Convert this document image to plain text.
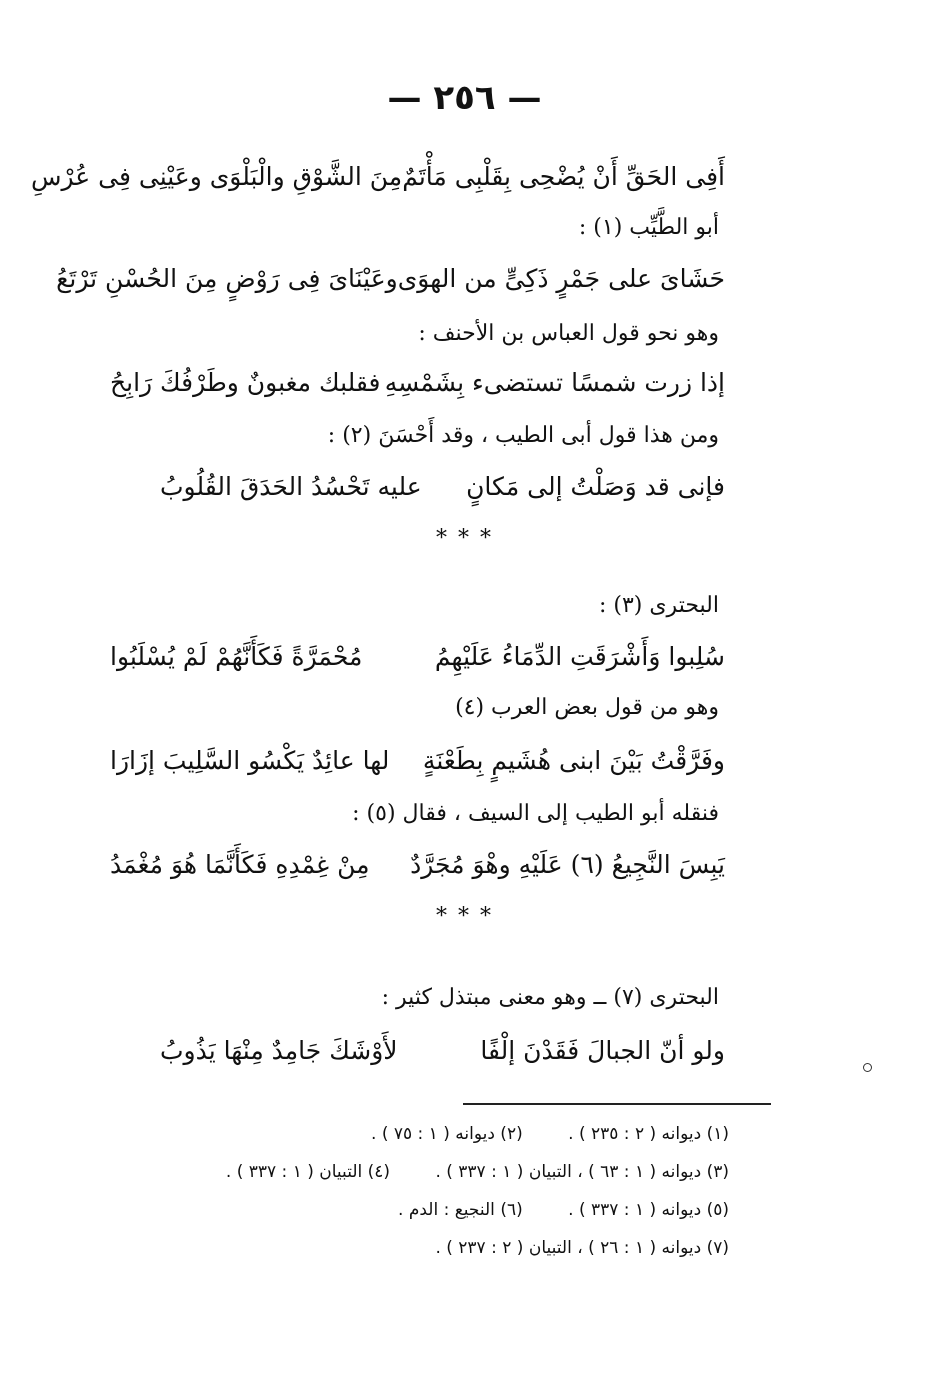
— ٢٥٦ —
أَفِى الحَقِّ أَنْ يُضْحِى بِقَلْبِى مَأْتَمٌ
مِنَ الشَّوْقِ والْبَلْوَى وعَيْنِى فِى عُرْسِ
أبو الطَّيِّب (١) :
حَشَاىَ على جَمْرٍ ذَكِىٍّ من الهوَى
وعَيْنَاىَ فِى رَوْضٍ مِنَ الحُسْنِ تَرْتَعُ
وهو نحو قول العباس بن الأحنف :
إذا زرت شمسًا تستضىء بِشَمْسِهِ
فقلبك مغبونٌ وطَرْفُكَ رَابِحُ
ومن هذا قول أبى الطيب ، وقد أَحْسَنَ (٢) :
فإنى قد وَصَلْتُ إلى مَكانٍ
عليه تَحْسُدُ الحَدَقَ القُلُوبُ
* * *
البحترى (٣) :
سُلِبوا وَأَشْرَقَتِ الدِّمَاءُ عَلَيْهِمُ
مُحْمَرَّةً فَكَأَنَّهُمْ لَمْ يُسْلَبُوا
وهو من قول بعض العرب (٤)
وفَرَّقْتُ بَيْنَ ابنى هُشَيمٍ بِطَعْنَةٍ
لها عائِدٌ يَكْسُو السَّلِيبَ إزَارَا
فنقله أبو الطيب إلى السيف ، فقال (٥) :
يَبِسَ النَّجِيعُ (٦) عَلَيْهِ وهْوَ مُجَرَّدٌ
مِنْ غِمْدِهِ فَكَأَنَّمَا هُوَ مُغْمَدُ
* * *
البحترى (٧) ــ وهو معنى مبتذل كثير :
ولو أنّ الجبالَ فَقَدْنَ إلْفًا
لأَوْشَكَ جَامِدٌ مِنْهَا يَذُوبُ
(١) ديوانه ( ٢ : ٢٣٥ ) . (٢) ديوانه ( ١ : ٧٥ ) .
(٣) ديوانه ( ١ : ٦٣ ) ، التبيان ( ١ : ٣٣٧ ) . (٤) التبيان ( ١ : ٣٣٧ ) .
(٥) ديوانه ( ١ : ٣٣٧ ) . (٦) النجيع : الدم .
(٧) ديوانه ( ١ : ٢٦ ) ، التبيان ( ٢ : ٢٣٧ ) .
